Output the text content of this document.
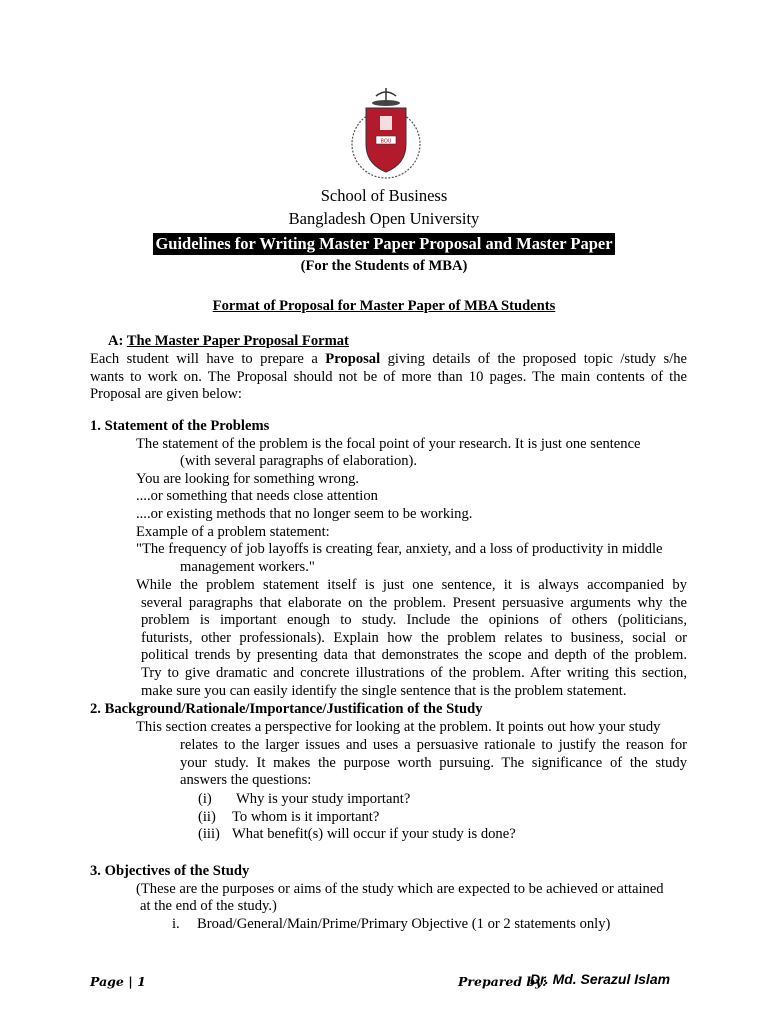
BOU
School of Business
Bangladesh Open University
Guidelines for Writing Master Paper Proposal and Master Paper
(For the Students of MBA)
Format of Proposal for Master Paper of MBA Students
A: The Master Paper Proposal Format
Each student will have to prepare a Proposal giving details of the proposed topic /study s/he
wants to work on. The Proposal should not be of more than 10 pages. The main contents of the
Proposal are given below:
1. Statement of the Problems
The statement of the problem is the focal point of your research. It is just one sentence
(with several paragraphs of elaboration).
You are looking for something wrong.
....or something that needs close attention
....or existing methods that no longer seem to be working.
Example of a problem statement:
"The frequency of job layoffs is creating fear, anxiety, and a loss of productivity in middle
management workers."
While the problem statement itself is just one sentence, it is always accompanied by
several paragraphs that elaborate on the problem. Present persuasive arguments why the
problem is important enough to study. Include the opinions of others (politicians,
futurists, other professionals). Explain how the problem relates to business, social or
political trends by presenting data that demonstrates the scope and depth of the problem.
Try to give dramatic and concrete illustrations of the problem. After writing this section,
make sure you can easily identify the single sentence that is the problem statement.
2. Background/Rationale/Importance/Justification of the Study
This section creates a perspective for looking at the problem. It points out how your study
relates to the larger issues and uses a persuasive rationale to justify the reason for
your study. It makes the purpose worth pursuing. The significance of the study
answers the questions:
(i) Why is your study important?
(ii) To whom is it important?
(iii) What benefit(s) will occur if your study is done?
3. Objectives of the Study
(These are the purposes or aims of the study which are expected to be achieved or attained
at the end of the study.)
i. Broad/General/Main/Prime/Primary Objective (1 or 2 statements only)
Page | 1	Prepared by:
Dr. Md. Serazul Islam
